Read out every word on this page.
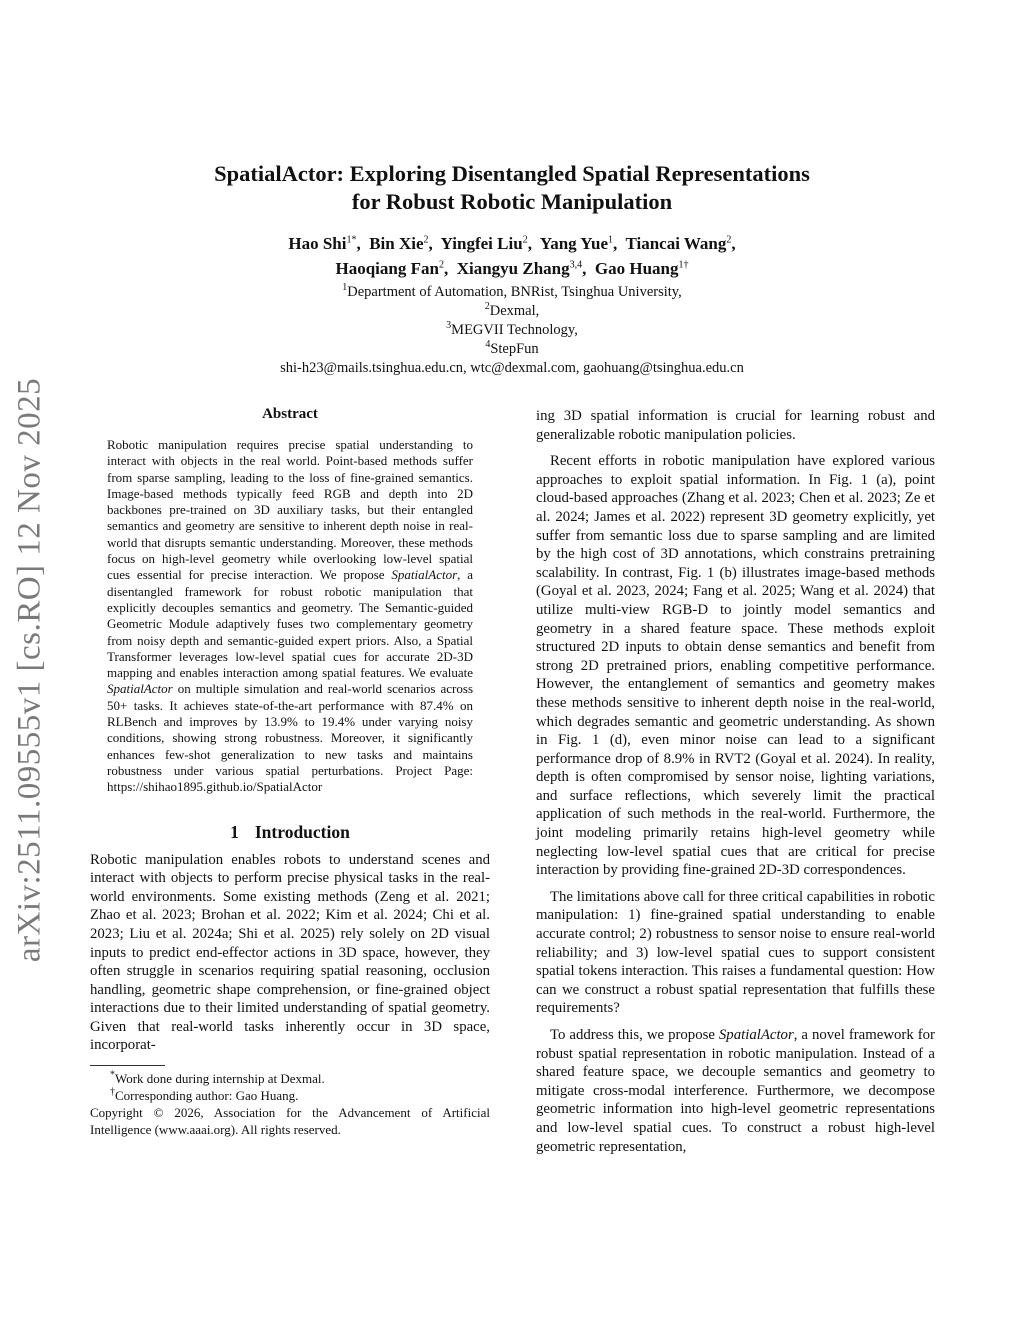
arXiv:2511.09555v1 [cs.RO] 12 Nov 2025
SpatialActor: Exploring Disentangled Spatial Representations
for Robust Robotic Manipulation
Hao Shi$^{1*}$,  Bin Xie$^2$,  Yingfei Liu$^2$,  Yang Yue$^1$,  Tiancai Wang$^2$,
Haoqiang Fan$^2$,  Xiangyu Zhang$^{3,4}$,  Gao Huang$^{1\dagger}$
$^1$Department of Automation, BNRist, Tsinghua University,
$^2$Dexmal,
$^3$MEGVII Technology,
$^4$StepFun
shi-h23@mails.tsinghua.edu.cn, wtc@dexmal.com, gaohuang@tsinghua.edu.cn
Abstract

Robotic manipulation requires precise spatial understanding to interact with objects in the real world. Point-based methods suffer from sparse sampling, leading to the loss of fine-grained semantics. Image-based methods typically feed RGB and depth into 2D backbones pre-trained on 3D auxiliary tasks, but their entangled semantics and geometry are sensitive to inherent depth noise in real-world that disrupts semantic understanding. Moreover, these methods focus on high-level geometry while overlooking low-level spatial cues essential for precise interaction. We propose SpatialActor, a disentangled framework for robust robotic manipulation that explicitly decouples semantics and geometry. The Semantic-guided Geometric Module adaptively fuses two complementary geometry from noisy depth and semantic-guided expert priors. Also, a Spatial Transformer leverages low-level spatial cues for accurate 2D-3D mapping and enables interaction among spatial features. We evaluate SpatialActor on multiple simulation and real-world scenarios across 50+ tasks. It achieves state-of-the-art performance with 87.4% on RLBench and improves by 13.9% to 19.4% under varying noisy conditions, showing strong robustness. Moreover, it significantly enhances few-shot generalization to new tasks and maintains robustness under various spatial perturbations. Project Page: https://shihao1895.github.io/SpatialActor

1 Introduction

Robotic manipulation enables robots to understand scenes and interact with objects to perform precise physical tasks in the real-world environments. Some existing methods (Zeng et al. 2021; Zhao et al. 2023; Brohan et al. 2022; Kim et al. 2024; Chi et al. 2023; Liu et al. 2024a; Shi et al. 2025) rely solely on 2D visual inputs to predict end-effector actions in 3D space, however, they often struggle in scenarios requiring spatial reasoning, occlusion handling, geometric shape comprehension, or fine-grained object interactions due to their limited understanding of spatial geometry. Given that real-world tasks inherently occur in 3D space, incorporat-

*Work done during internship at Dexmal.

†Corresponding author: Gao Huang.

Copyright © 2026, Association for the Advancement of Artificial Intelligence (www.aaai.org). All rights reserved.

ing 3D spatial information is crucial for learning robust and generalizable robotic manipulation policies.

Recent efforts in robotic manipulation have explored various approaches to exploit spatial information. In Fig. 1 (a), point cloud-based approaches (Zhang et al. 2023; Chen et al. 2023; Ze et al. 2024; James et al. 2022) represent 3D geometry explicitly, yet suffer from semantic loss due to sparse sampling and are limited by the high cost of 3D annotations, which constrains pretraining scalability. In contrast, Fig. 1 (b) illustrates image-based methods (Goyal et al. 2023, 2024; Fang et al. 2025; Wang et al. 2024) that utilize multi-view RGB-D to jointly model semantics and geometry in a shared feature space. These methods exploit structured 2D inputs to obtain dense semantics and benefit from strong 2D pretrained priors, enabling competitive performance. However, the entanglement of semantics and geometry makes these methods sensitive to inherent depth noise in the real-world, which degrades semantic and geometric understanding. As shown in Fig. 1 (d), even minor noise can lead to a significant performance drop of 8.9% in RVT2 (Goyal et al. 2024). In reality, depth is often compromised by sensor noise, lighting variations, and surface reflections, which severely limit the practical application of such methods in the real-world. Furthermore, the joint modeling primarily retains high-level geometry while neglecting low-level spatial cues that are critical for precise interaction by providing fine-grained 2D-3D correspondences.

The limitations above call for three critical capabilities in robotic manipulation: 1) fine-grained spatial understanding to enable accurate control; 2) robustness to sensor noise to ensure real-world reliability; and 3) low-level spatial cues to support consistent spatial tokens interaction. This raises a fundamental question: How can we construct a robust spatial representation that fulfills these requirements?

To address this, we propose SpatialActor, a novel framework for robust spatial representation in robotic manipulation. Instead of a shared feature space, we decouple semantics and geometry to mitigate cross-modal interference. Furthermore, we decompose geometric information into high-level geometric representations and low-level spatial cues. To construct a robust high-level geometric representation,
